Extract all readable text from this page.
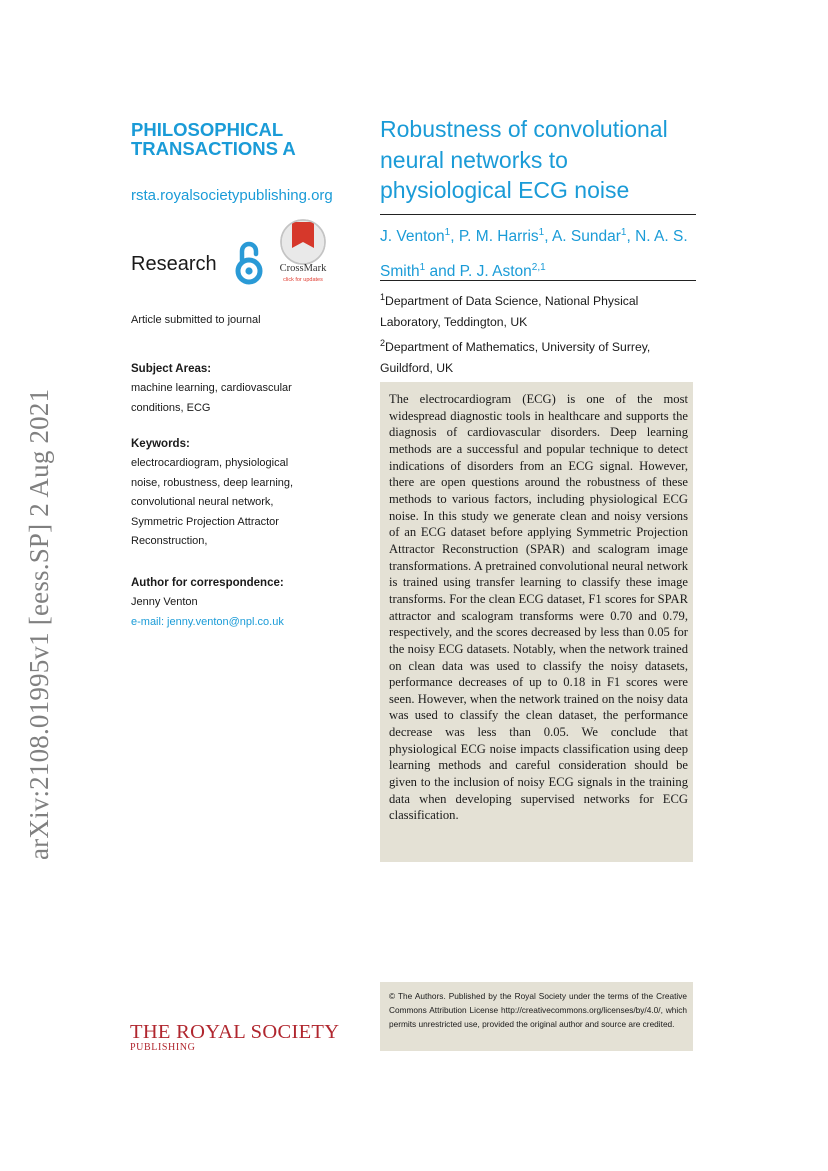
arXiv:2108.01995v1 [eess.SP] 2 Aug 2021
PHILOSOPHICAL
TRANSACTIONS A
rsta.royalsocietypublishing.org
Research	CrossMark
click for updates
Article submitted to journal
Subject Areas:
machine learning, cardiovascular
conditions, ECG
Keywords:
electrocardiogram, physiological
noise, robustness, deep learning,
convolutional neural network,
Symmetric Projection Attractor
Reconstruction,
Author for correspondence:
Jenny Venton
e-mail: jenny.venton@npl.co.uk
Robustness of convolutional
neural networks to
physiological ECG noise
J. Venton$^1$, P. M. Harris$^1$, A. Sundar$^1$, N. A. S. Smith$^1$ and P. J. Aston$^{2,1}$
$^1$Department of Data Science, National Physical Laboratory, Teddington, UK
$^2$Department of Mathematics, University of Surrey, Guildford, UK
The electrocardiogram (ECG) is one of the most widespread diagnostic tools in healthcare and supports the diagnosis of cardiovascular disorders. Deep learning methods are a successful and popular technique to detect indications of disorders from an ECG signal. However, there are open questions around the robustness of these methods to various factors, including physiological ECG noise. In this study we generate clean and noisy versions of an ECG dataset before applying Symmetric Projection Attractor Reconstruction (SPAR) and scalogram image transformations. A pretrained convolutional neural network is trained using transfer learning to classify these image transforms. For the clean ECG dataset, F1 scores for SPAR attractor and scalogram transforms were 0.70 and 0.79, respectively, and the scores decreased by less than 0.05 for the noisy ECG datasets. Notably, when the network trained on clean data was used to classify the noisy datasets, performance decreases of up to 0.18 in F1 scores were seen. However, when the network trained on the noisy data was used to classify the clean dataset, the performance decrease was less than 0.05. We conclude that physiological ECG noise impacts classification using deep learning methods and careful consideration should be given to the inclusion of noisy ECG signals in the training data when developing supervised networks for ECG classification.
© The Authors. Published by the Royal Society under the terms of the Creative Commons Attribution License http://creativecommons.org/licenses/by/4.0/, which permits unrestricted use, provided the original author and source are credited.
THE ROYAL SOCIETY
PUBLISHING
